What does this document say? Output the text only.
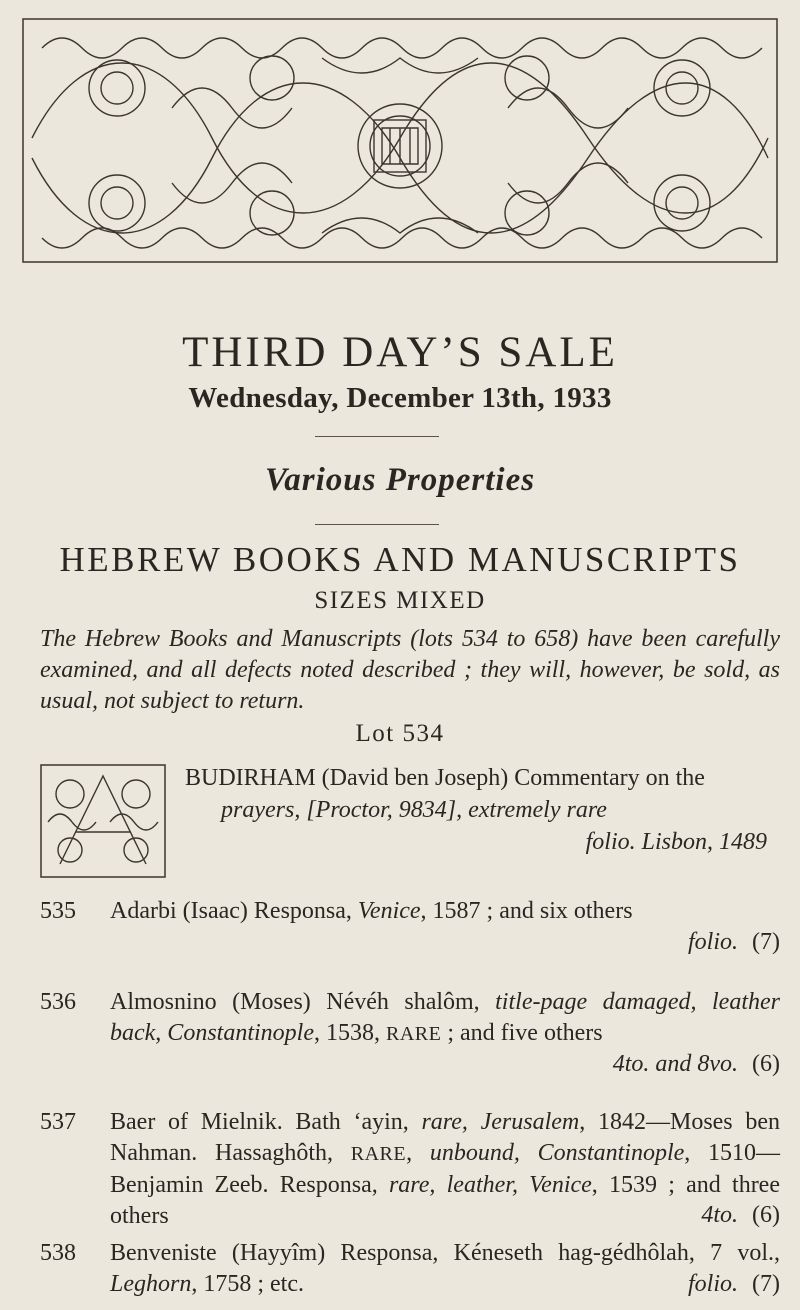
THIRD DAY’S SALE
Wednesday, December 13th, 1933
Various Properties
HEBREW BOOKS AND MANUSCRIPTS
SIZES MIXED
The Hebrew Books and Manuscripts (lots 534 to 658) have been carefully examined, and all defects noted described ; they will, however, be sold, as usual, not subject to return.
Lot 534
BUDIRHAM (David ben Joseph) Commentary on the
prayers, [Proctor, 9834], extremely rare
folio. Lisbon, 1489
535 Adarbi (Isaac) Responsa, Venice, 1587 ; and six others
folio. (7)
536 Almosnino (Moses) Névéh shalôm, title-page damaged, leather back, Constantinople, 1538, RARE ; and five others
4to. and 8vo. (6)
537 Baer of Mielnik. Bath ‘ayin, rare, Jerusalem, 1842—Moses ben Nahman. Hassaghôth, RARE, unbound, Constantinople, 1510—Benjamin Zeeb. Responsa, rare, leather, Venice, 1539 ; and three others	4to. (6)
538 Benveniste (Hayyîm) Responsa, Kéneseth hag-gédhôlah, 7 vol., Leghorn, 1758 ; etc.	folio. (7)
